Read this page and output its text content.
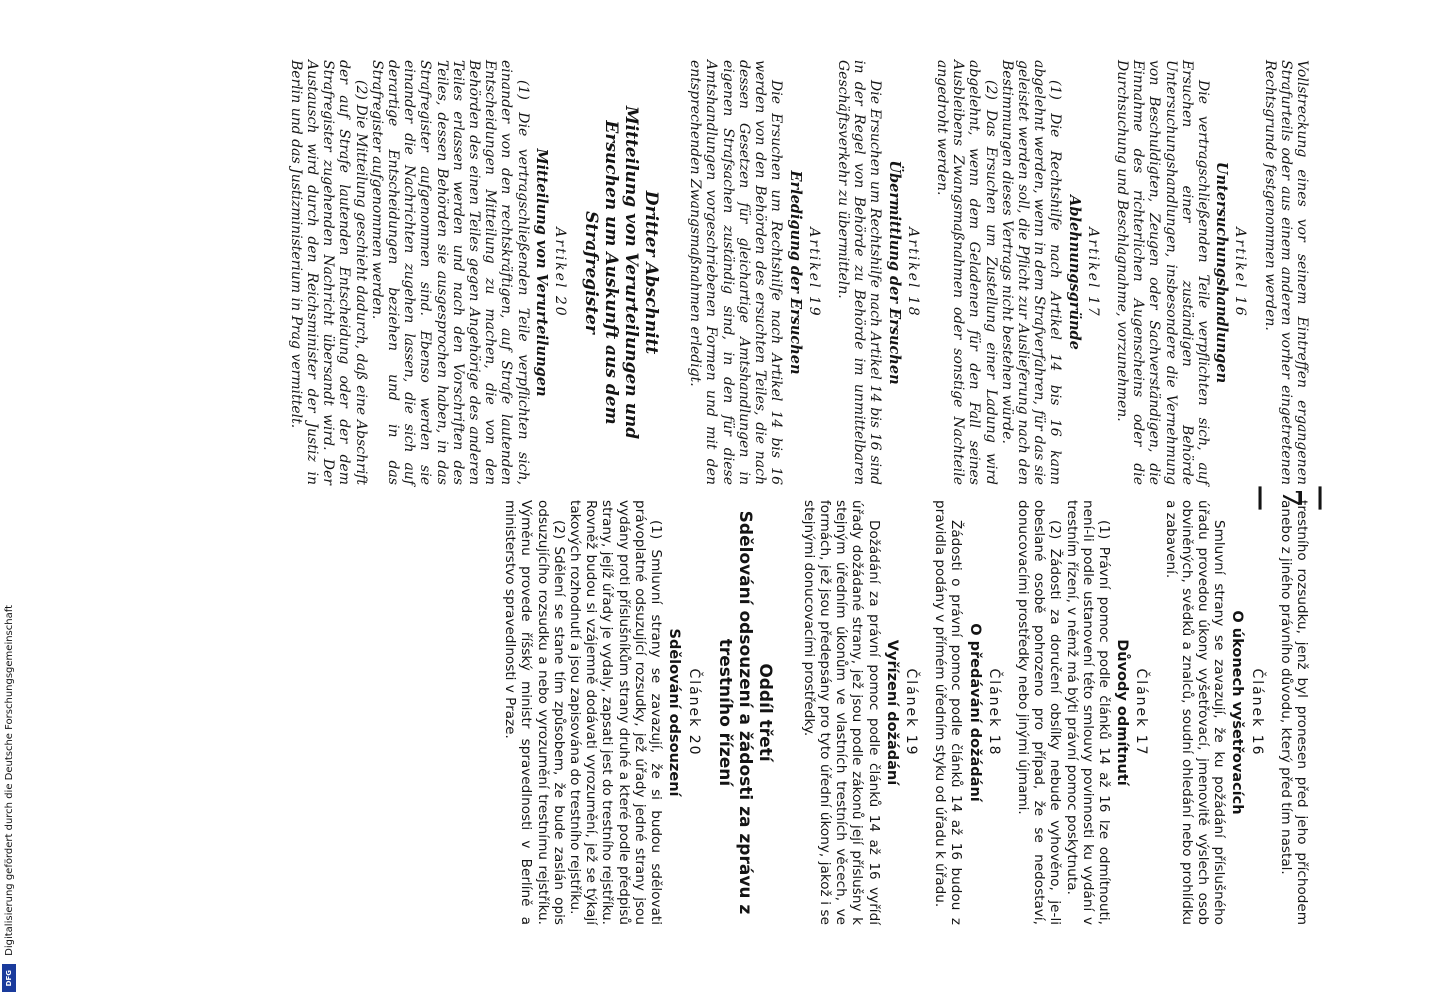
— 7 —	trestního rozsudku, jenž byl pronesen před jeho příchodem anebo z jiného právního důvodu, který před tím nastal.

Článek 16
O úkonech vyšetřovacích

Smluvní strany se zavazují, že ku požádání příslušného úřadu provedou úkony vyšetřovací, jmenovitě výslech osob obviněných, svědků a znalců, soudní ohledání nebo prohlídku a zabavení.

Článek 17
Důvody odmítnutí

(1) Právní pomoc podle článků 14 až 16 lze odmítnouti, není-li podle ustanovení této smlouvy povinnosti ku vydání v trestním řízení, v němž má býti právní pomoc poskytnuta.

(2) Žádosti za doručení obsílky nebude vyhověno, je-li obeslané osobě pohrozeno pro případ, že se nedostaví, donucovacími prostředky nebo jinými újmami.

Článek 18
O předávání dožádání

Žádosti o právní pomoc podle článků 14 až 16 budou z pravidla podány v přímém úředním styku od úřadu k úřadu.

Článek 19
Vyřízení dožádání

Dožádání za právní pomoc podle článků 14 až 16 vyřídí úřady dožádané strany, jež jsou podle zákonů její příslušny k stejným úředním úkonům ve vlastních trestních věcech, ve formách, jež jsou předepsány pro tyto úřední úkony, jakož i se stejnými donucovacími prostředky.

Oddíl třetí
Sdělování odsouzení a žádosti za zprávu z trestního řízení
Článek 20
Sdělování odsouzení

(1) Smluvní strany se zavazují, že si budou sdělovati právoplatné odsuzující rozsudky, jež úřady jedné strany jsou vydány proti příslušníkům strany druhé a které podle předpisů strany, jejíž úřady je vydaly, zapsati jest do trestního rejstříku. Rovněž budou si vzájemně dodávati vyrozumění, jež se týkají takových rozhodnutí a jsou zapisována do trestního rejstříku.

(2) Sdělení se stane tím způsobem, že bude zaslán opis odsuzujícího rozsudku a nebo vyrozumění trestnímu rejstříku. Výměnu provede říšský ministr spravedlnosti v Berlíně a ministerstvo spravedlnosti v Praze.

Vollstreckung eines vor seinem Eintreffen ergangenen Strafurteils oder aus einem anderen vorher eingetretenen Rechtsgrunde festgenommen werden.

Artikel 16
Untersuchungshandlungen

Die vertragschließenden Teile verpflichten sich, auf Ersuchen einer zuständigen Behörde Untersuchungshandlungen, insbesondere die Vernehmung von Beschuldigten, Zeugen oder Sachverständigen, die Einnahme des richterlichen Augenscheins oder die Durchsuchung und Beschlagnahme, vorzunehmen.

Artikel 17
Ablehnungsgründe

(1) Die Rechtshilfe nach Artikel 14 bis 16 kann abgelehnt werden, wenn in dem Strafverfahren, für das sie geleistet werden soll, die Pflicht zur Auslieferung nach den Bestimmungen dieses Vertrags nicht bestehen würde.

(2) Das Ersuchen um Zustellung einer Ladung wird abgelehnt, wenn dem Geladenen für den Fall seines Ausbleibens Zwangsmaßnahmen oder sonstige Nachteile angedroht werden.

Artikel 18
Übermittlung der Ersuchen

Die Ersuchen um Rechtshilfe nach Artikel 14 bis 16 sind in der Regel von Behörde zu Behörde im unmittelbaren Geschäftsverkehr zu übermitteln.

Artikel 19
Erledigung der Ersuchen

Die Ersuchen um Rechtshilfe nach Artikel 14 bis 16 werden von den Behörden des ersuchten Teiles, die nach dessen Gesetzen für gleichartige Amtshandlungen in eigenen Strafsachen zuständig sind, in den für diese Amtshandlungen vorgeschriebenen Formen und mit den entsprechenden Zwangsmaßnahmen erledigt.

Dritter Abschnitt
Mitteilung von Verurteilungen und Ersuchen um Auskunft aus dem Strafregister
Artikel 20
Mitteilung von Verurteilungen

(1) Die vertragschließenden Teile verpflichten sich, einander von den rechtskräftigen, auf Strafe lautenden Entscheidungen Mitteilung zu machen, die von den Behörden des einen Teiles gegen Angehörige des anderen Teiles erlassen werden und nach den Vorschriften des Teiles, dessen Behörden sie ausgesprochen haben, in das Strafregister aufgenommen sind. Ebenso werden sie einander die Nachrichten zugehen lassen, die sich auf derartige Entscheidungen beziehen und in das Strafregister aufgenommen werden.

(2) Die Mitteilung geschieht dadurch, daß eine Abschrift der auf Strafe lautenden Entscheidung oder der dem Strafregister zugehenden Nachricht übersandt wird. Der Austausch wird durch den Reichsminister der Justiz in Berlin und das Justizministerium in Prag vermittelt.

Digitalisierung gefördert durch die Deutsche Forschungsgemeinschaft
DFG
